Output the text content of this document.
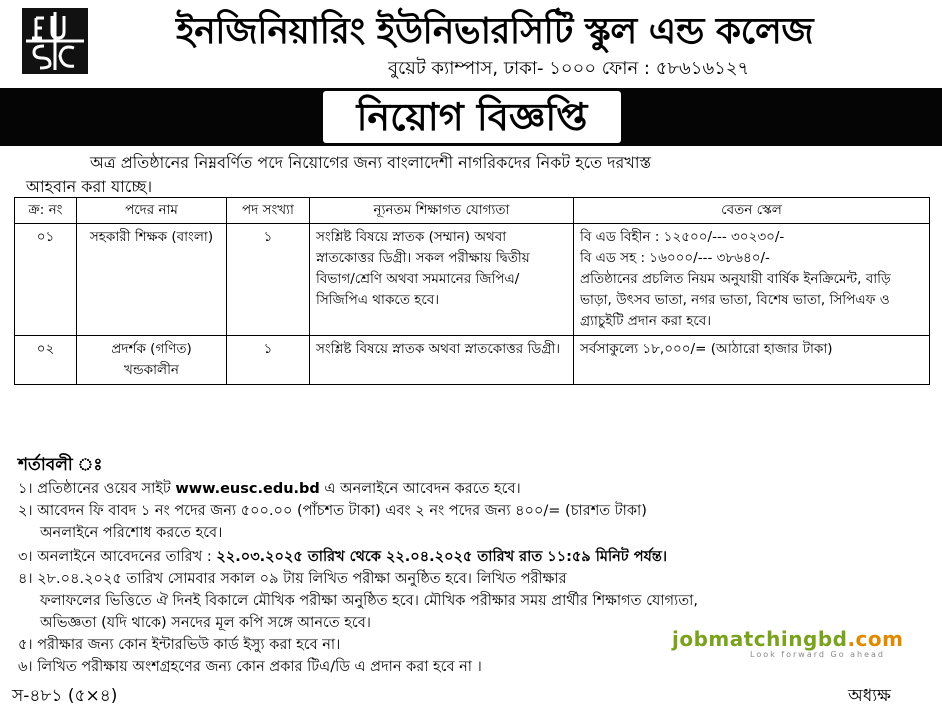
ইনজিনিয়ারিং ইউনিভারসিটি স্কুল এন্ড কলেজ
বুয়েট ক্যাম্পাস, ঢাকা- ১০০০ ফোন : ৫৮৬১৬১২৭
নিয়োগ বিজ্ঞপ্তি
অত্র প্রতিষ্ঠানের নিম্নবর্ণিত পদে নিয়োগের জন্য বাংলাদেশী নাগরিকদের নিকট হতে দরখাস্ত
আহবান করা যাচ্ছে।
ক্র: নং	পদের নাম	পদ সংখ্যা	ন্যূনতম শিক্ষাগত যোগ্যতা	বেতন স্কেল
০১	সহকারী শিক্ষক (বাংলা)	১	সংশ্লিষ্ট বিষয়ে স্নাতক (সম্মান) অথবা স্নাতকোত্তর ডিগ্রী। সকল পরীক্ষায় দ্বিতীয় বিভাগ/শ্রেণি অথবা সমমানের জিপিএ/ সিজিপিএ থাকতে হবে।	বি এড বিহীন : ১২৫০০/--- ৩০২৩০/-
বি এড সহ : ১৬০০০/--- ৩৮৬৪০/-
প্রতিষ্ঠানের প্রচলিত নিয়ম অনুযায়ী বার্ষিক ইনক্রিমেন্ট, বাড়ি ভাড়া, উৎসব ভাতা, নগর ভাতা, বিশেষ ভাতা, সিপিএফ ও গ্র্যাচুইটি প্রদান করা হবে।

০২	প্রদর্শক (গণিত) খন্ডকালীন	১	সংশ্লিষ্ট বিষয়ে স্নাতক অথবা স্নাতকোত্তর ডিগ্রী।	সর্বসাকুল্যে ১৮,০০০/= (আঠারো হাজার টাকা)
শর্তাবলী ঃ
১। প্রতিষ্ঠানের ওয়েব সাইট www.eusc.edu.bd এ অনলাইনে আবেদন করতে হবে।
২। আবেদন ফি বাবদ ১ নং পদের জন্য ৫০০.০০ (পাঁচশত টাকা) এবং ২ নং পদের জন্য ৪০০/= (চারশত টাকা)
অনলাইনে পরিশোধ করতে হবে।
৩। অনলাইনে আবেদনের তারিখ : ২২.০৩.২০২৫ তারিখ থেকে ২২.০৪.২০২৫ তারিখ রাত ১১:৫৯ মিনিট পর্যন্ত।
৪। ২৮.০৪.২০২৫ তারিখ সোমবার সকাল ০৯ টায় লিখিত পরীক্ষা অনুষ্ঠিত হবে। লিখিত পরীক্ষার
ফলাফলের ভিত্তিতে ঐ দিনই বিকালে মৌখিক পরীক্ষা অনুষ্ঠিত হবে। মৌখিক পরীক্ষার সময় প্রার্থীর শিক্ষাগত যোগ্যতা,
অভিজ্ঞতা (যদি থাকে) সনদের মূল কপি সঙ্গে আনতে হবে।
৫। পরীক্ষার জন্য কোন ইন্টারভিউ কার্ড ইস্যু করা হবে না।
৬। লিখিত পরীক্ষায় অংশগ্রহণের জন্য কোন প্রকার টিএ/ডি এ প্রদান করা হবে না ।
jobmatchingbd.com
Look forward Go ahead
স-৪৮১ (৫×৪)	অধ্যক্ষ
